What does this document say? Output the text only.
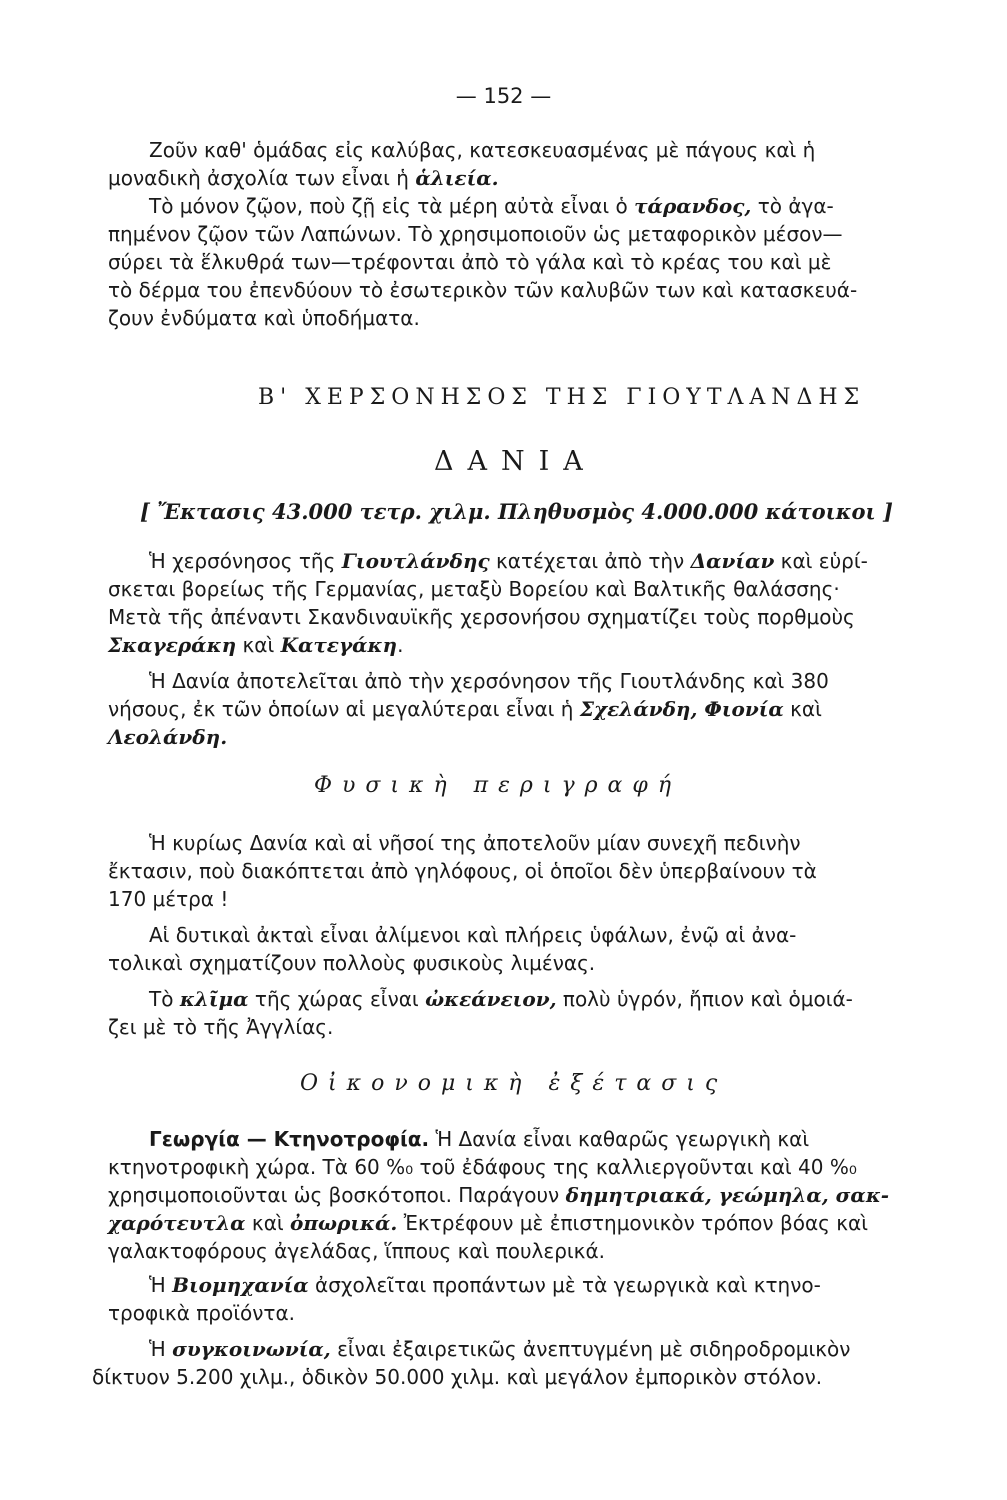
— 152 —
Ζοῦν καθ' ὁμάδας εἰς καλύβας, κατεσκευασμένας μὲ πάγους καὶ ἡ
μοναδικὴ ἀσχολία των εἶναι ἡ ἁλιεία.
Τὸ μόνον ζῷον, ποὺ ζῇ εἰς τὰ μέρη αὐτὰ εἶναι ὁ τάρανδος, τὸ ἀγα-
πημένον ζῷον τῶν Λαπώνων. Τὸ χρησιμοποιοῦν ὡς μεταφορικὸν μέσον—
σύρει τὰ ἕλκυθρά των—τρέφονται ἀπὸ τὸ γάλα καὶ τὸ κρέας του καὶ μὲ
τὸ δέρμα του ἐπενδύουν τὸ ἐσωτερικὸν τῶν καλυβῶν των καὶ κατασκευά-
ζουν ἐνδύματα καὶ ὑποδήματα.
Β' ΧΕΡΣΟΝΗΣΟΣ ΤΗΣ ΓΙΟΥΤΛΑΝΔΗΣ
ΔΑΝΙΑ
[ Ἔκτασις 43.000 τετρ. χιλμ. Πληθυσμὸς 4.000.000 κάτοικοι ]
Ἡ χερσόνησος τῆς Γιουτλάνδης κατέχεται ἀπὸ τὴν Δανίαν καὶ εὑρί-
σκεται βορείως τῆς Γερμανίας, μεταξὺ Βορείου καὶ Βαλτικῆς θαλάσσης·
Μετὰ τῆς ἀπέναντι Σκανδιναυϊκῆς χερσονήσου σχηματίζει τοὺς πορθμοὺς
Σκαγεράκη καὶ Κατεγάκη.
Ἡ Δανία ἀποτελεῖται ἀπὸ τὴν χερσόνησον τῆς Γιουτλάνδης καὶ 380
νήσους, ἐκ τῶν ὁποίων αἱ μεγαλύτεραι εἶναι ἡ Σχελάνδη, Φιονία καὶ
Λεολάνδη.
Φυσικὴ περιγραφή
Ἡ κυρίως Δανία καὶ αἱ νῆσοί της ἀποτελοῦν μίαν συνεχῆ πεδινὴν
ἔκτασιν, ποὺ διακόπτεται ἀπὸ γηλόφους, οἱ ὁποῖοι δὲν ὑπερβαίνουν τὰ
170 μέτρα !
Αἱ δυτικαὶ ἀκταὶ εἶναι ἀλίμενοι καὶ πλήρεις ὑφάλων, ἐνῷ αἱ ἀνα-
τολικαὶ σχηματίζουν πολλοὺς φυσικοὺς λιμένας.
Τὸ κλῖμα τῆς χώρας εἶναι ὠκεάνειον, πολὺ ὑγρόν, ἤπιον καὶ ὁμοιά-
ζει μὲ τὸ τῆς Ἀγγλίας.
Οἰκονομικὴ ἐξέτασις
Γεωργία — Κτηνοτροφία. Ἡ Δανία εἶναι καθαρῶς γεωργικὴ καὶ
κτηνοτροφικὴ χώρα. Τὰ 60 %₀ τοῦ ἐδάφους της καλλιεργοῦνται καὶ 40 %₀
χρησιμοποιοῦνται ὡς βοσκότοποι. Παράγουν δημητριακά, γεώμηλα, σακ-
χαρότευτλα καὶ ὀπωρικά. Ἐκτρέφουν μὲ ἐπιστημονικὸν τρόπον βόας καὶ
γαλακτοφόρους ἀγελάδας, ἵππους καὶ πουλερικά.
Ἡ Βιομηχανία ἀσχολεῖται προπάντων μὲ τὰ γεωργικὰ καὶ κτηνο-
τροφικὰ προϊόντα.
Ἡ συγκοινωνία, εἶναι ἐξαιρετικῶς ἀνεπτυγμένη μὲ σιδηροδρομικὸν
δίκτυον 5.200 χιλμ., ὁδικὸν 50.000 χιλμ. καὶ μεγάλον ἐμπορικὸν στόλον.
